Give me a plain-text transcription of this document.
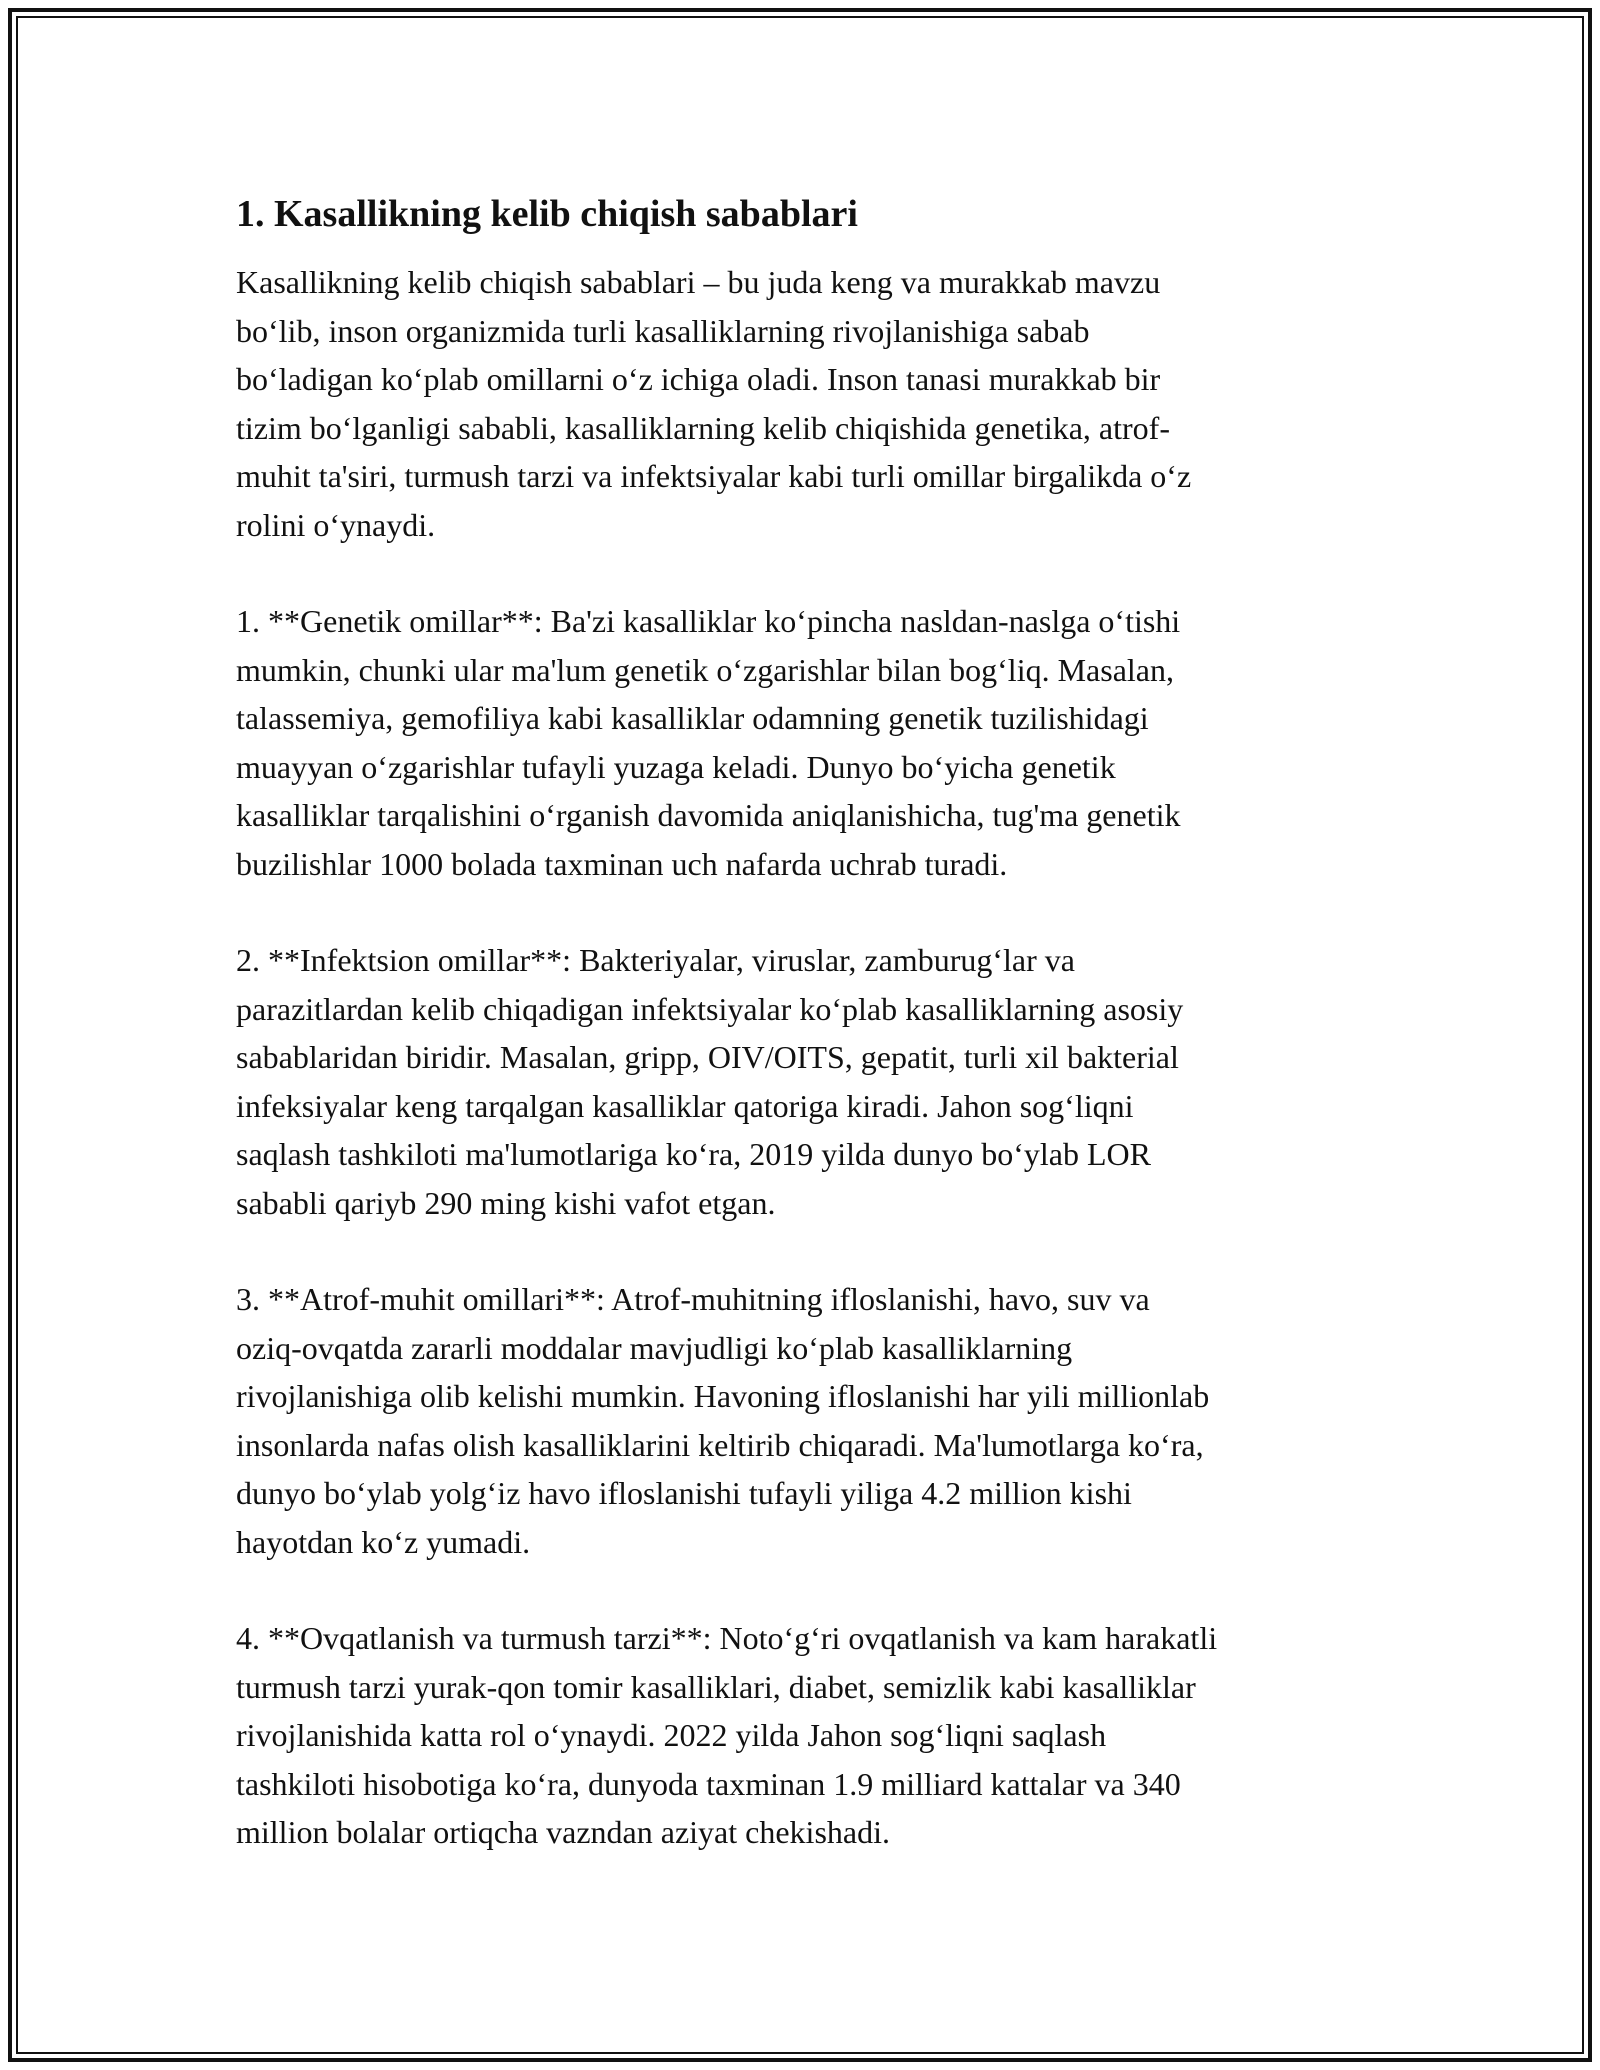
1. Kasallikning kelib chiqish sabablari

Kasallikning kelib chiqish sabablari – bu juda keng va murakkab mavzu
bo‘lib, inson organizmida turli kasalliklarning rivojlanishiga sabab
bo‘ladigan ko‘plab omillarni o‘z ichiga oladi. Inson tanasi murakkab bir
tizim bo‘lganligi sababli, kasalliklarning kelib chiqishida genetika, atrof-
muhit ta'siri, turmush tarzi va infektsiyalar kabi turli omillar birgalikda o‘z
rolini o‘ynaydi.

1. **Genetik omillar**: Ba'zi kasalliklar ko‘pincha nasldan-naslga o‘tishi
mumkin, chunki ular ma'lum genetik o‘zgarishlar bilan bog‘liq. Masalan,
talassemiya, gemofiliya kabi kasalliklar odamning genetik tuzilishidagi
muayyan o‘zgarishlar tufayli yuzaga keladi. Dunyo bo‘yicha genetik
kasalliklar tarqalishini o‘rganish davomida aniqlanishicha, tug'ma genetik
buzilishlar 1000 bolada taxminan uch nafarda uchrab turadi.

2. **Infektsion omillar**: Bakteriyalar, viruslar, zamburug‘lar va
parazitlardan kelib chiqadigan infektsiyalar ko‘plab kasalliklarning asosiy
sabablaridan biridir. Masalan, gripp, OIV/OITS, gepatit, turli xil bakterial
infeksiyalar keng tarqalgan kasalliklar qatoriga kiradi. Jahon sog‘liqni
saqlash tashkiloti ma'lumotlariga ko‘ra, 2019 yilda dunyo bo‘ylab LOR
sababli qariyb 290 ming kishi vafot etgan.

3. **Atrof-muhit omillari**: Atrof-muhitning ifloslanishi, havo, suv va
oziq-ovqatda zararli moddalar mavjudligi ko‘plab kasalliklarning
rivojlanishiga olib kelishi mumkin. Havoning ifloslanishi har yili millionlab
insonlarda nafas olish kasalliklarini keltirib chiqaradi. Ma'lumotlarga ko‘ra,
dunyo bo‘ylab yolg‘iz havo ifloslanishi tufayli yiliga 4.2 million kishi
hayotdan ko‘z yumadi.

4. **Ovqatlanish va turmush tarzi**: Noto‘g‘ri ovqatlanish va kam harakatli
turmush tarzi yurak-qon tomir kasalliklari, diabet, semizlik kabi kasalliklar
rivojlanishida katta rol o‘ynaydi. 2022 yilda Jahon sog‘liqni saqlash
tashkiloti hisobotiga ko‘ra, dunyoda taxminan 1.9 milliard kattalar va 340
million bolalar ortiqcha vazndan aziyat chekishadi.
